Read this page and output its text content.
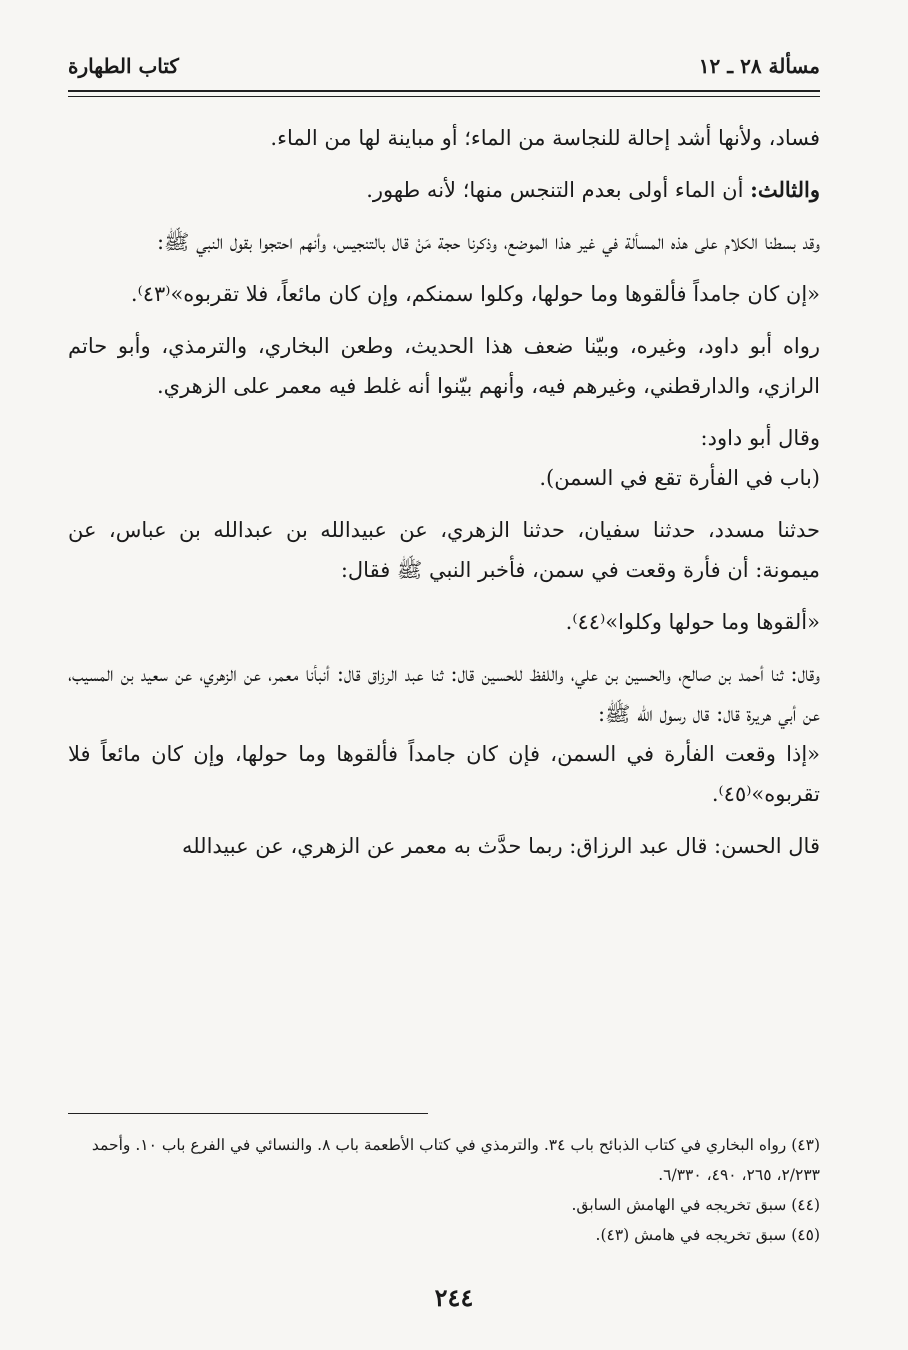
مسألة ٢٨ ـ ١٢
كتاب الطهارة

فساد، ولأنها أشد إحالة للنجاسة من الماء؛ أو مباينة لها من الماء.

والثالث: أن الماء أولى بعدم التنجس منها؛ لأنه طهور.

وقد بسطنا الكلام على هذه المسألة في غير هذا الموضع، وذكرنا حجة مَنْ قال بالتنجيس، وأنهم احتجوا بقول النبي ﷺ:

«إن كان جامداً فألقوها وما حولها، وكلوا سمنكم، وإن كان مائعاً، فلا تقربوه»⁽٤٣⁾.

رواه أبو داود، وغيره، وبيّنا ضعف هذا الحديث، وطعن البخاري، والترمذي، وأبو حاتم الرازي، والدارقطني، وغيرهم فيه، وأنهم بيّنوا أنه غلط فيه معمر على الزهري.

وقال أبو داود:

(باب في الفأرة تقع في السمن).

حدثنا مسدد، حدثنا سفيان، حدثنا الزهري، عن عبيدالله بن عبدالله بن عباس، عن ميمونة: أن فأرة وقعت في سمن، فأخبر النبي ﷺ فقال:

«ألقوها وما حولها وكلوا»⁽٤٤⁾.

وقال: ثنا أحمد بن صالح، والحسين بن علي، واللفظ للحسين قال: ثنا عبد الرزاق قال: أنبأنا معمر، عن الزهري، عن سعيد بن المسيب، عن أبي هريرة قال: قال رسول الله ﷺ:

«إذا وقعت الفأرة في السمن، فإن كان جامداً فألقوها وما حولها، وإن كان مائعاً فلا تقربوه»⁽٤٥⁾.

قال الحسن: قال عبد الرزاق: ربما حدَّث به معمر عن الزهري، عن عبيدالله

(٤٣) رواه البخاري في كتاب الذبائح باب ٣٤. والترمذي في كتاب الأطعمة باب ٨. والنسائي في الفرع باب ١٠. وأحمد ٢/٢٣٣، ٢٦٥، ٤٩٠، ٦/٣٣٠.

(٤٤) سبق تخريجه في الهامش السابق.

(٤٥) سبق تخريجه في هامش (٤٣).

٢٤٤
